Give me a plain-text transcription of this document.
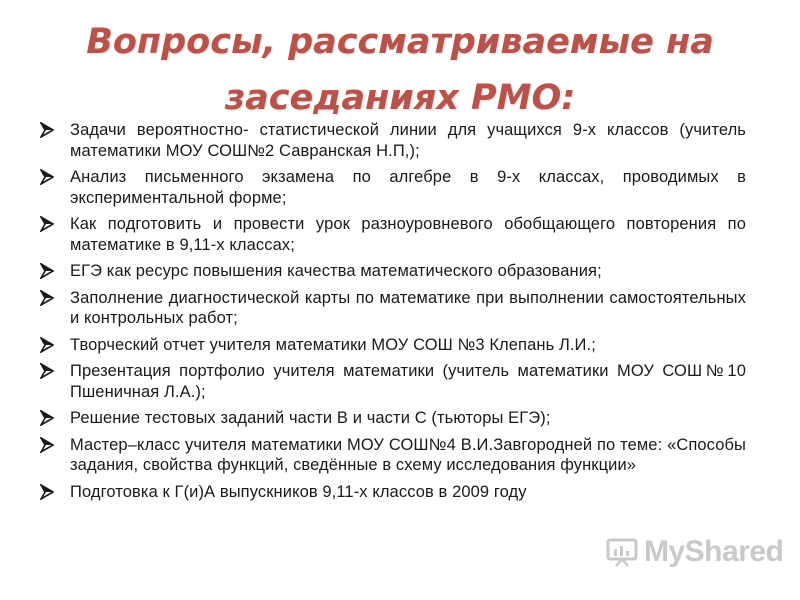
Вопросы, рассматриваемые на
заседаниях РМО:
Задачи вероятностно- статистической линии для учащихся 9-х классов (учитель математики МОУ СОШ№2 Савранская Н.П,);
Анализ письменного экзамена по алгебре в 9-х классах, проводимых в экспериментальной форме;
Как подготовить и провести урок разноуровневого обобщающего повторения по математике в 9,11-х классах;
ЕГЭ как ресурс повышения качества математического образования;
Заполнение диагностической карты по математике при выполнении самостоятельных и контрольных работ;
Творческий отчет учителя математики МОУ СОШ №3 Клепань Л.И.;
Презентация портфолио учителя математики (учитель математики МОУ СОШ№10 Пшеничная Л.А.);
Решение тестовых заданий части В и части С (тьюторы ЕГЭ);
Мастер–класс учителя математики МОУ СОШ№4 В.И.Завгородней по теме: «Способы задания, свойства функций, сведённые в схему исследования функции»
Подготовка к Г(и)А выпускников 9,11-х классов в 2009 году
MyShared
